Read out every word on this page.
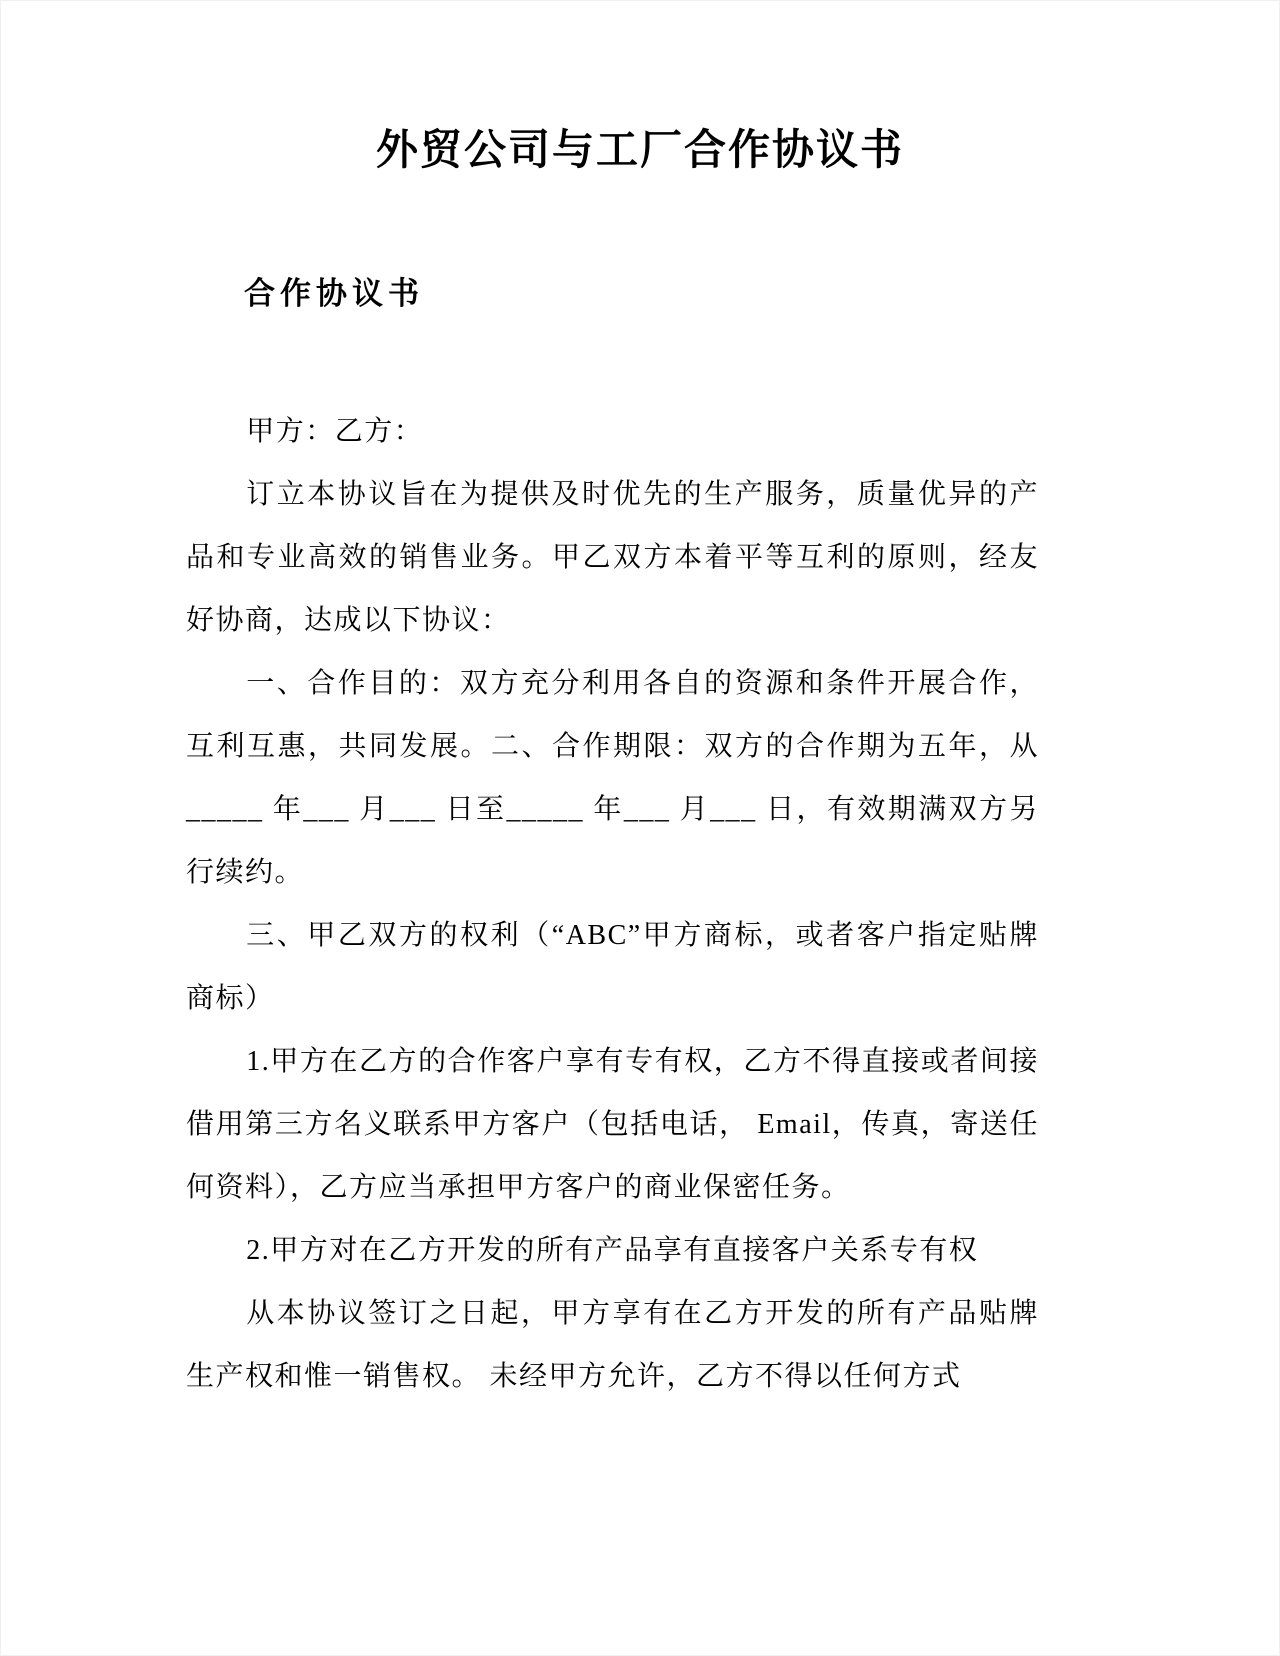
外贸公司与工厂合作协议书
合作协议书

甲方：乙方：

订立本协议旨在为提供及时优先的生产服务，质量优异的产品和专业高效的销售业务。甲乙双方本着平等互利的原则，经友好协商，达成以下协议：

一、合作目的：双方充分利用各自的资源和条件开展合作，互利互惠，共同发展。二、合作期限：双方的合作期为五年，从_____ 年___ 月___ 日至_____ 年___ 月___ 日，有效期满双方另行续约。

三、甲乙双方的权利（“ABC”甲方商标，或者客户指定贴牌商标）

1.甲方在乙方的合作客户享有专有权，乙方不得直接或者间接借用第三方名义联系甲方客户（包括电话， Email，传真，寄送任何资料），乙方应当承担甲方客户的商业保密任务。

2.甲方对在乙方开发的所有产品享有直接客户关系专有权

从本协议签订之日起，甲方享有在乙方开发的所有产品贴牌生产权和惟一销售权。 未经甲方允许，乙方不得以任何方式
